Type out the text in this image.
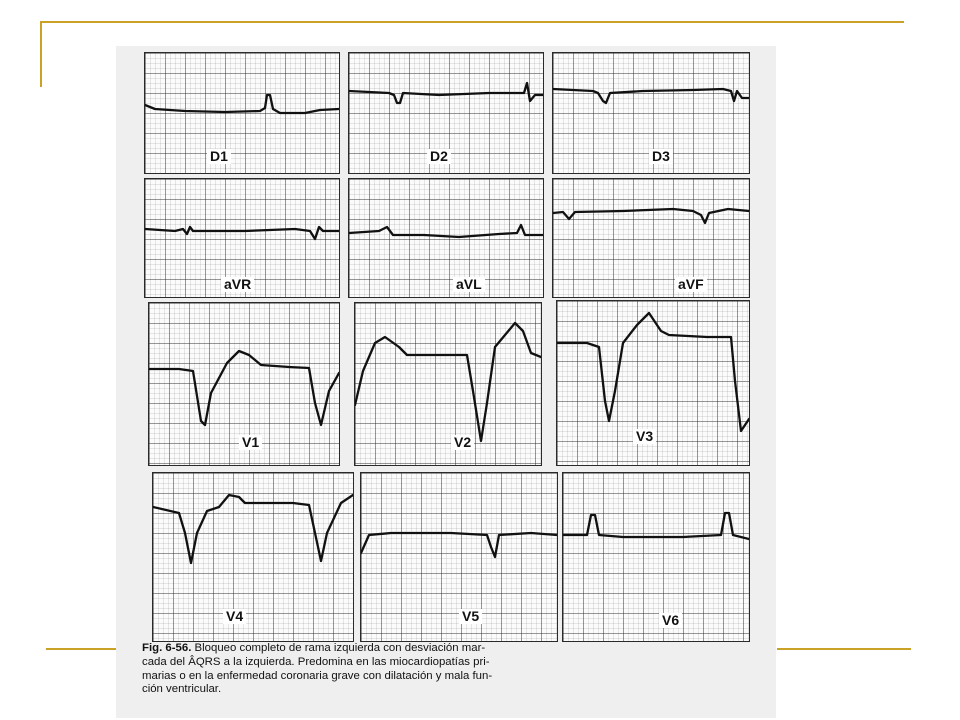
D1	D2	D3
aVR	aVL	aVF
V1	V2	V3
V4	V5	V6
Fig. 6-56. Bloqueo completo de rama izquierda con desviación mar-
cada del ÂQRS a la izquierda. Predomina en las miocardiopatías pri-
marias o en la enfermedad coronaria grave con dilatación y mala fun-
ción ventricular.
